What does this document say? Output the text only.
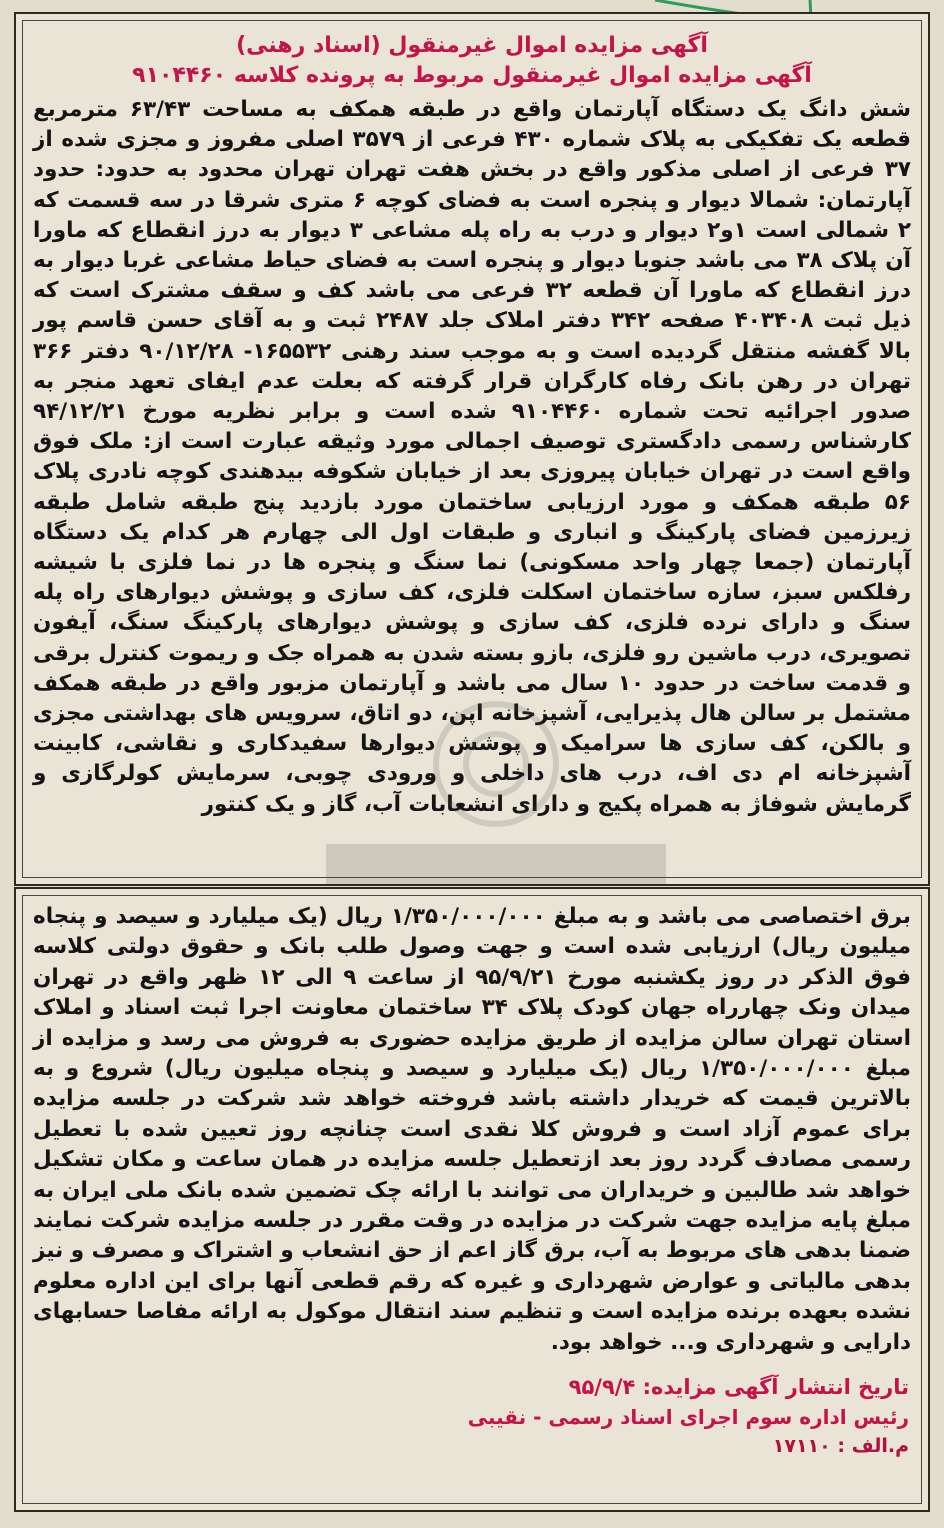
آگهی مزایده اموال غیرمنقول (اسناد رهنی)
آگهی مزایده اموال غیرمنقول مربوط به پرونده کلاسه ۹۱۰۴۴۶۰
شش دانگ یک دستگاه آپارتمان واقع در طبقه همکف به مساحت ۶۳/۴۳ مترمربع قطعه یک تفکیکی به پلاک شماره ۴۳۰ فرعی از ۳۵۷۹ اصلی مفروز و مجزی شده از ۳۷ فرعی از اصلی مذکور واقع در بخش هفت تهران تهران محدود به حدود: حدود آپارتمان: شمالا دیوار و پنجره است به فضای کوچه ۶ متری شرقا در سه قسمت که ۲ شمالی است ۱و۲ دیوار و درب به راه پله مشاعی ۳ دیوار به درز انقطاع که ماورا آن پلاک ۳۸ می باشد جنوبا دیوار و پنجره است به فضای حیاط مشاعی غربا دیوار به درز انقطاع که ماورا آن قطعه ۳۲ فرعی می باشد کف و سقف مشترک است که ذیل ثبت ۴۰۳۴۰۸ صفحه ۳۴۲ دفتر املاک جلد ۲۴۸۷ ثبت و به آقای حسن قاسم پور بالا گفشه منتقل گردیده است و به موجب سند رهنی ۱۶۵۵۳۲- ۹۰/۱۲/۲۸ دفتر ۳۶۶ تهران در رهن بانک رفاه کارگران قرار گرفته که بعلت عدم ایفای تعهد منجر به صدور اجرائیه تحت شماره ۹۱۰۴۴۶۰ شده است و برابر نظریه مورخ ۹۴/۱۲/۲۱ کارشناس رسمی دادگستری توصیف اجمالی مورد وثیقه عبارت است از: ملک فوق واقع است در تهران خیابان پیروزی بعد از خیابان شکوفه بیدهندی کوچه نادری پلاک ۵۶ طبقه همکف و مورد ارزیابی ساختمان مورد بازدید پنج طبقه شامل طبقه زیرزمین فضای پارکینگ و انباری و طبقات اول الی چهارم هر کدام یک دستگاه آپارتمان (جمعا چهار واحد مسکونی) نما سنگ و پنجره ها در نما فلزی با شیشه رفلکس سبز، سازه ساختمان اسکلت فلزی، کف سازی و پوشش دیوارهای راه پله سنگ و دارای نرده فلزی، کف سازی و پوشش دیوارهای پارکینگ سنگ، آیفون تصویری، درب ماشین رو فلزی، بازو بسته شدن به همراه جک و ریموت کنترل برقی و قدمت ساخت در حدود ۱۰ سال می باشد و آپارتمان مزبور واقع در طبقه همکف مشتمل بر سالن هال پذیرایی، آشپزخانه اپن، دو اتاق، سرویس های بهداشتی مجزی و بالکن، کف سازی ها سرامیک و پوشش دیوارها سفیدکاری و نقاشی، کابینت آشپزخانه ام دی اف، درب های داخلی و ورودی چوبی، سرمایش کولرگازی و گرمایش شوفاژ به همراه پکیج و دارای انشعابات آب، گاز و یک کنتور
برق اختصاصی می باشد و به مبلغ ۱/۳۵۰/۰۰۰/۰۰۰ ریال (یک میلیارد و سیصد و پنجاه میلیون ریال) ارزیابی شده است و جهت وصول طلب بانک و حقوق دولتی کلاسه فوق الذکر در روز یکشنبه مورخ ۹۵/۹/۲۱ از ساعت ۹ الی ۱۲ ظهر واقع در تهران میدان ونک چهارراه جهان کودک پلاک ۳۴ ساختمان معاونت اجرا ثبت اسناد و املاک استان تهران سالن مزایده از طریق مزایده حضوری به فروش می رسد و مزایده از مبلغ ۱/۳۵۰/۰۰۰/۰۰۰ ریال (یک میلیارد و سیصد و پنجاه میلیون ریال) شروع و به بالاترین قیمت که خریدار داشته باشد فروخته خواهد شد شرکت در جلسه مزایده برای عموم آزاد است و فروش کلا نقدی است چنانچه روز تعیین شده با تعطیل رسمی مصادف گردد روز بعد ازتعطیل جلسه مزایده در همان ساعت و مکان تشکیل خواهد شد طالبین و خریداران می توانند با ارائه چک تضمین شده بانک ملی ایران به مبلغ پایه مزایده جهت شرکت در مزایده در وقت مقرر در جلسه مزایده شرکت نمایند ضمنا بدهی های مربوط به آب، برق گاز اعم از حق انشعاب و اشتراک و مصرف و نیز بدهی مالیاتی و عوارض شهرداری و غیره که رقم قطعی آنها برای این اداره معلوم نشده بعهده برنده مزایده است و تنظیم سند انتقال موکول به ارائه مفاصا حسابهای دارایی و شهرداری و... خواهد بود.
تاریخ انتشار آگهی مزایده: ۹۵/۹/۴
رئیس اداره سوم اجرای اسناد رسمی - نقیبی
م.الف : ۱۷۱۱۰
